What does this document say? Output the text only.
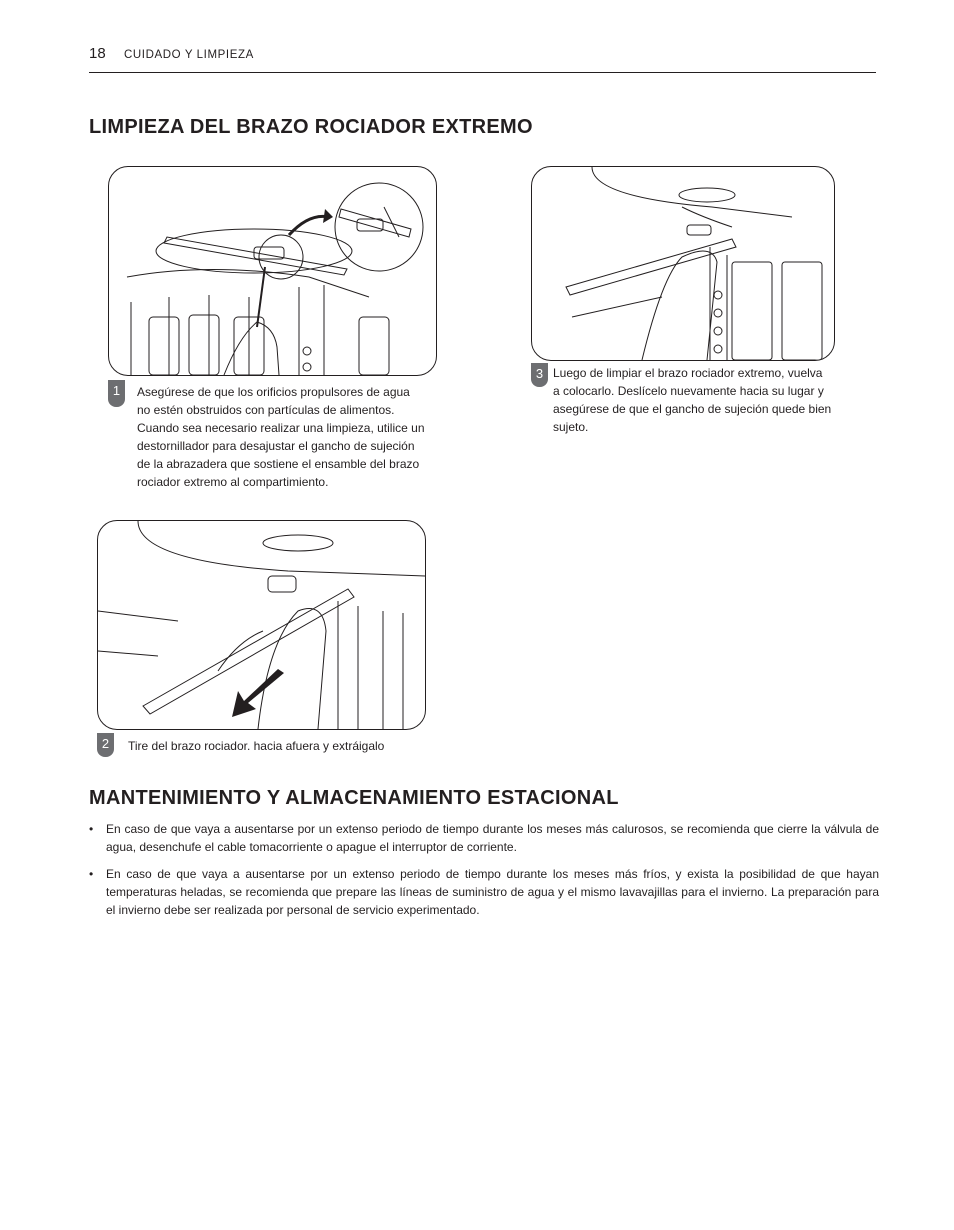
18 CUIDADO Y LIMPIEZA
LIMPIEZA DEL BRAZO ROCIADOR EXTREMO
1	Asegúrese de que los orificios propulsores de agua
no estén obstruidos con partículas de alimentos.
Cuando sea necesario realizar una limpieza, utilice un
destornillador para desajustar el gancho de sujeción
de la abrazadera que sostiene el ensamble del brazo
rociador extremo al compartimiento.
3 Luego de limpiar el brazo rociador extremo, vuelva
a colocarlo. Deslícelo nuevamente hacia su lugar y
asegúrese de que el gancho de sujeción quede bien
sujeto.
2	Tire del brazo rociador. hacia afuera y extráigalo
MANTENIMIENTO Y ALMACENAMIENTO ESTACIONAL
• En caso de que vaya a ausentarse por un extenso periodo de tiempo durante los meses más calurosos, se recomienda que cierre la válvula de agua, desenchufe el cable tomacorriente o apague el interruptor de corriente.
• En caso de que vaya a ausentarse por un extenso periodo de tiempo durante los meses más fríos, y exista la posibilidad de que hayan temperaturas heladas, se recomienda que prepare las líneas de suministro de agua y el mismo lavavajillas para el invierno. La preparación para el invierno debe ser realizada por personal de servicio experimentado.
